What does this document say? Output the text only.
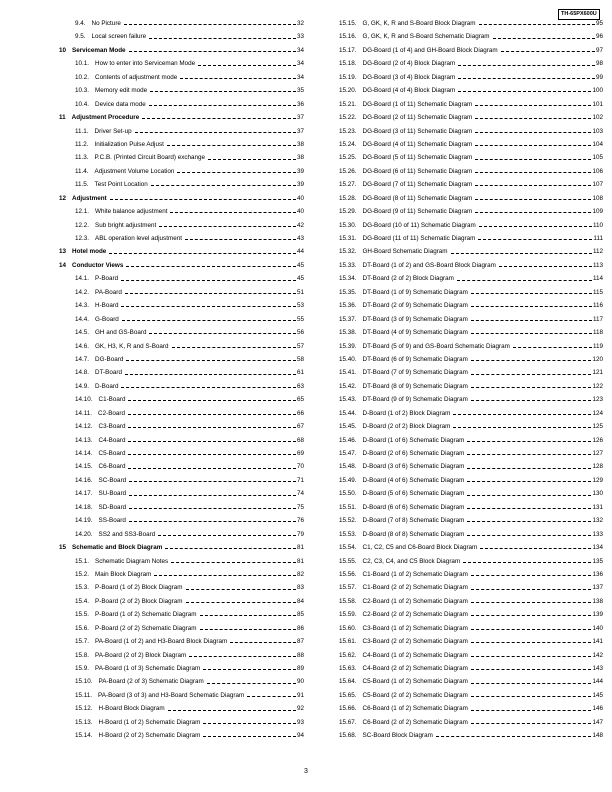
TH-65PX600U
9.4. No Picture	32
9.5. Local screen failure	33
10 Serviceman Mode	34
10.1. How to enter into Serviceman Mode	34
10.2. Contents of adjustment mode	34
10.3. Memory edit mode	35
10.4. Device data mode	36
11 Adjustment Procedure	37
11.1. Driver Set-up	37
11.2. Initialization Pulse Adjust	38
11.3. P.C.B. (Printed Circuit Board) exchange	38
11.4. Adjustment Volume Location	39
11.5. Test Point Location	39
12 Adjustment	40
12.1. White balance adjustment	40
12.2. Sub bright adjustment	42
12.3. ABL operation level adjustment	43
13 Hotel mode	44
14 Conductor Views	45
14.1. P-Board	45
14.2. PA-Board	51
14.3. H-Board	53
14.4. G-Board	55
14.5. GH and GS-Board	56
14.6. GK, H3, K, R and S-Board	57
14.7. DG-Board	58
14.8. DT-Board	61
14.9. D-Board	63
14.10. C1-Board	65
14.11. C2-Board	66
14.12. C3-Board	67
14.13. C4-Board	68
14.14. C5-Board	69
14.15. C6-Board	70
14.16. SC-Board	71
14.17. SU-Board	74
14.18. SD-Board	75
14.19. SS-Board	76
14.20. SS2 and SS3-Board	79
15 Schematic and Block Diagram	81
15.1. Schematic Diagram Notes	81
15.2. Main Block Diagram	82
15.3. P-Board (1 of 2) Block Diagram	83
15.4. P-Board (2 of 2) Block Diagram	84
15.5. P-Board (1 of 2) Schematic Diagram	85
15.6. P-Board (2 of 2) Schematic Diagram	86
15.7. PA-Board (1 of 2) and H3-Board Block Diagram	87
15.8. PA-Board (2 of 2) Block Diagram	88
15.9. PA-Board (1 of 3) Schematic Diagram	89
15.10. PA-Board (2 of 3) Schematic Diagram	90
15.11. PA-Board (3 of 3) and H3-Board Schematic Diagram	91
15.12. H-Board Block Diagram	92
15.13. H-Board (1 of 2) Schematic Diagram	93
15.14. H-Board (2 of 2) Schematic Diagram	94
15.15. G, GK, K, R and S-Board Block Diagram	95
15.16. G, GK, K, R and S-Board Schematic Diagram	96
15.17. DG-Board (1 of 4) and GH-Board Block Diagram	97
15.18. DG-Board (2 of 4) Block Diagram	98
15.19. DG-Board (3 of 4) Block Diagram	99
15.20. DG-Board (4 of 4) Block Diagram	100
15.21. DG-Board (1 of 11) Schematic Diagram	101
15.22. DG-Board (2 of 11) Schematic Diagram	102
15.23. DG-Board (3 of 11) Schematic Diagram	103
15.24. DG-Board (4 of 11) Schematic Diagram	104
15.25. DG-Board (5 of 11) Schematic Diagram	105
15.26. DG-Board (6 of 11) Schematic Diagram	106
15.27. DG-Board (7 of 11) Schematic Diagram	107
15.28. DG-Board (8 of 11) Schematic Diagram	108
15.29. DG-Board (9 of 11) Schematic Diagram	109
15.30. DG-Board (10 of 11) Schematic Diagram	110
15.31. DG-Board (11 of 11) Schematic Diagram	111
15.32. GH-Board Schematic Diagram	112
15.33. DT-Board (1 of 2) and GS-Board Block Diagram	113
15.34. DT-Board (2 of 2) Block Diagram	114
15.35. DT-Board (1 of 9) Schematic Diagram	115
15.36. DT-Board (2 of 9) Schematic Diagram	116
15.37. DT-Board (3 of 9) Schematic Diagram	117
15.38. DT-Board (4 of 9) Schematic Diagram	118
15.39. DT-Board (5 of 9) and GS-Board Schematic Diagram	119
15.40. DT-Board (6 of 9) Schematic Diagram	120
15.41. DT-Board (7 of 9) Schematic Diagram	121
15.42. DT-Board (8 of 9) Schematic Diagram	122
15.43. DT-Board (9 of 9) Schematic Diagram	123
15.44. D-Board (1 of 2) Block Diagram	124
15.45. D-Board (2 of 2) Block Diagram	125
15.46. D-Board (1 of 6) Schematic Diagram	126
15.47. D-Board (2 of 6) Schematic Diagram	127
15.48. D-Board (3 of 6) Schematic Diagram	128
15.49. D-Board (4 of 6) Schematic Diagram	129
15.50. D-Board (5 of 6) Schematic Diagram	130
15.51. D-Board (6 of 6) Schematic Diagram	131
15.52. D-Board (7 of 8) Schematic Diagram	132
15.53. D-Board (8 of 8) Schematic Diagram	133
15.54. C1, C2, C5 and C6-Board Block Diagram	134
15.55. C2, C3, C4, and C5 Block Diagram	135
15.56. C1-Board (1 of 2) Schematic Diagram	136
15.57. C1-Board (2 of 2) Schematic Diagram	137
15.58. C2-Board (1 of 2) Schematic Diagram	138
15.59. C2-Board (2 of 2) Schematic Diagram	139
15.60. C3-Board (1 of 2) Schematic Diagram	140
15.61. C3-Board (2 of 2) Schematic Diagram	141
15.62. C4-Board (1 of 2) Schematic Diagram	142
15.63. C4-Board (2 of 2) Schematic Diagram	143
15.64. C5-Board (1 of 2) Schematic Diagram	144
15.65. C5-Board (2 of 2) Schematic Diagram	145
15.66. C6-Board (1 of 2) Schematic Diagram	146
15.67. C6-Board (2 of 2) Schematic Diagram	147
15.68. SC-Board Block Diagram	148
3
